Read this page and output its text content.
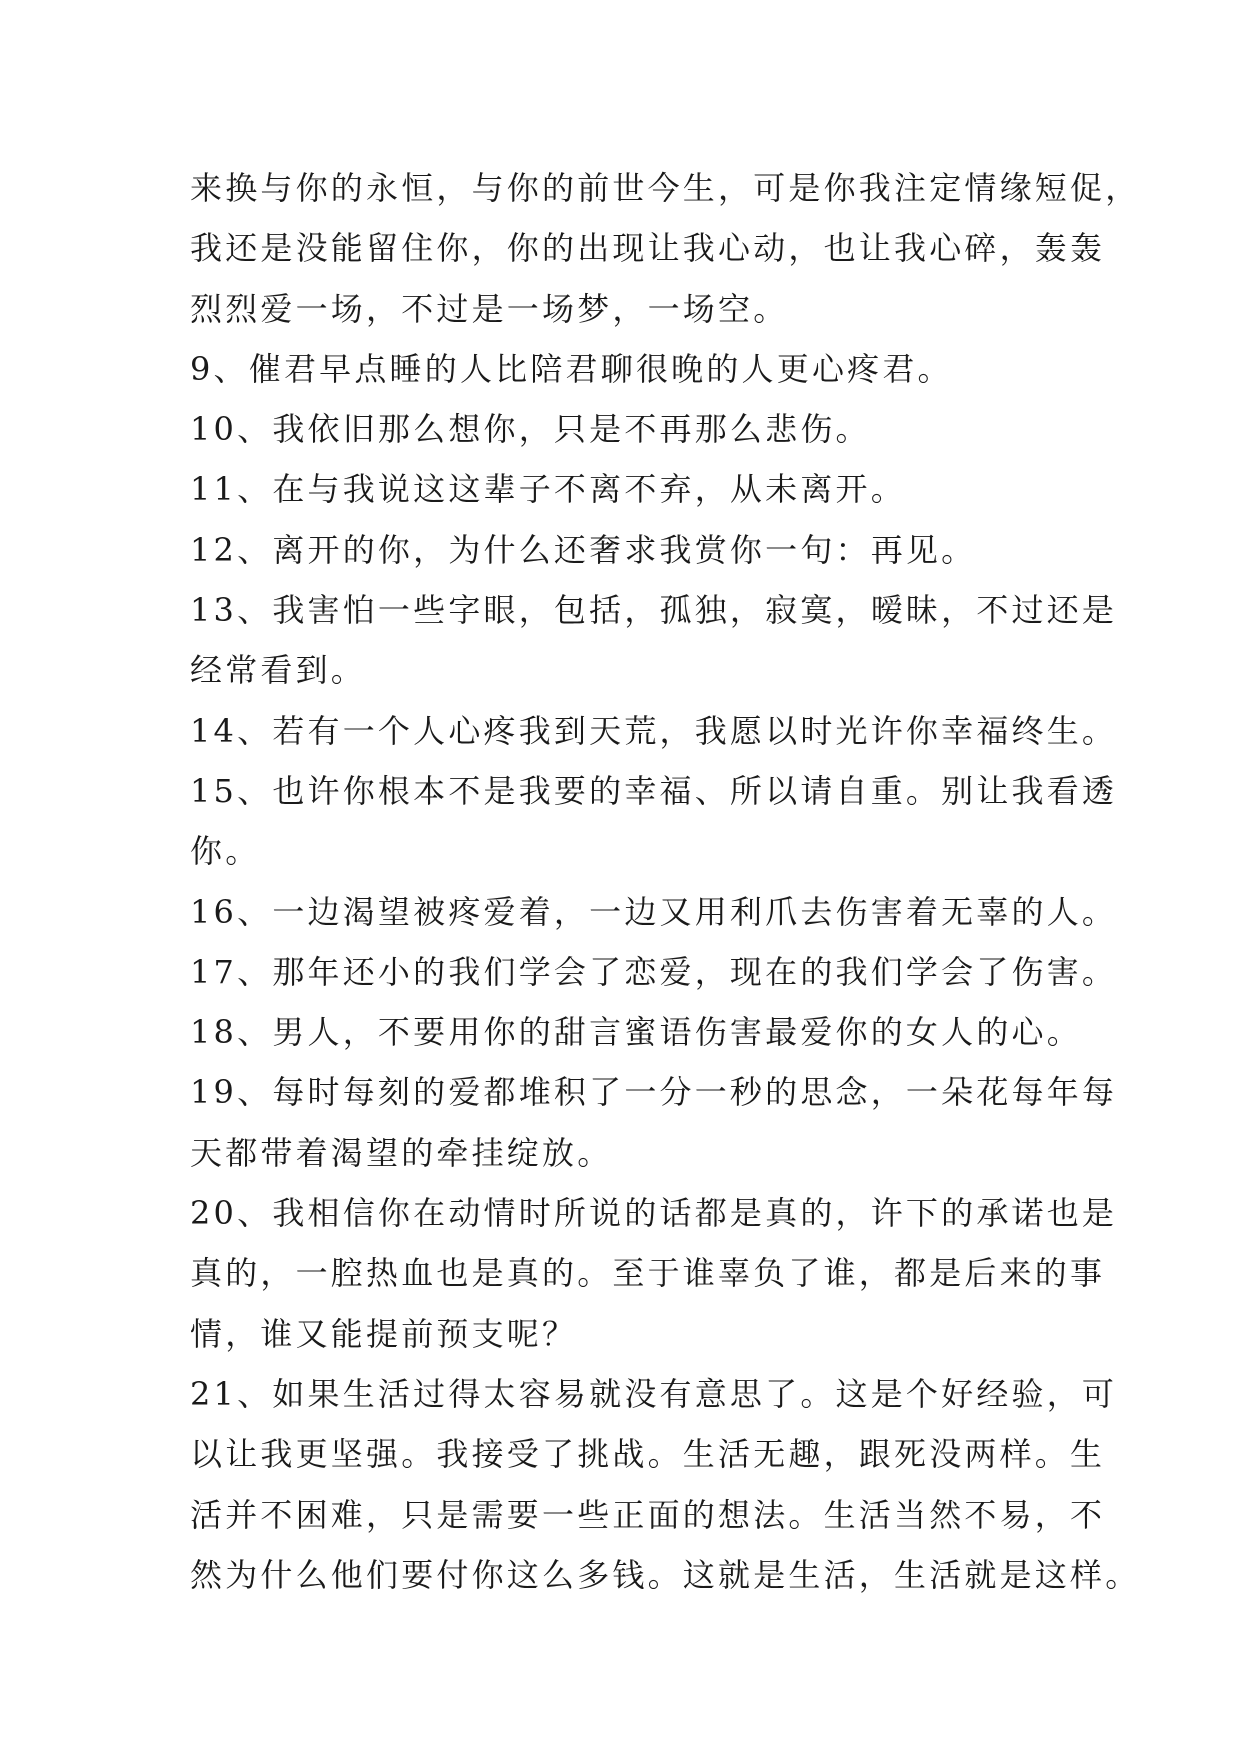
来换与你的永恒，与你的前世今生，可是你我注定情缘短促，
我还是没能留住你，你的出现让我心动，也让我心碎，轰轰
烈烈爱一场，不过是一场梦，一场空。
9、催君早点睡的人比陪君聊很晚的人更心疼君。
10、我依旧那么想你，只是不再那么悲伤。
11、在与我说这这辈子不离不弃，从未离开。
12、离开的你，为什么还奢求我赏你一句：再见。
13、我害怕一些字眼，包括，孤独，寂寞，暧昧，不过还是
经常看到。
14、若有一个人心疼我到天荒，我愿以时光许你幸福终生。
15、也许你根本不是我要的幸福、所以请自重。别让我看透
你。
16、一边渴望被疼爱着，一边又用利爪去伤害着无辜的人。
17、那年还小的我们学会了恋爱，现在的我们学会了伤害。
18、男人，不要用你的甜言蜜语伤害最爱你的女人的心。
19、每时每刻的爱都堆积了一分一秒的思念，一朵花每年每
天都带着渴望的牵挂绽放。
20、我相信你在动情时所说的话都是真的，许下的承诺也是
真的，一腔热血也是真的。至于谁辜负了谁，都是后来的事
情，谁又能提前预支呢？
21、如果生活过得太容易就没有意思了。这是个好经验，可
以让我更坚强。我接受了挑战。生活无趣，跟死没两样。生
活并不困难，只是需要一些正面的想法。生活当然不易，不
然为什么他们要付你这么多钱。这就是生活，生活就是这样。
